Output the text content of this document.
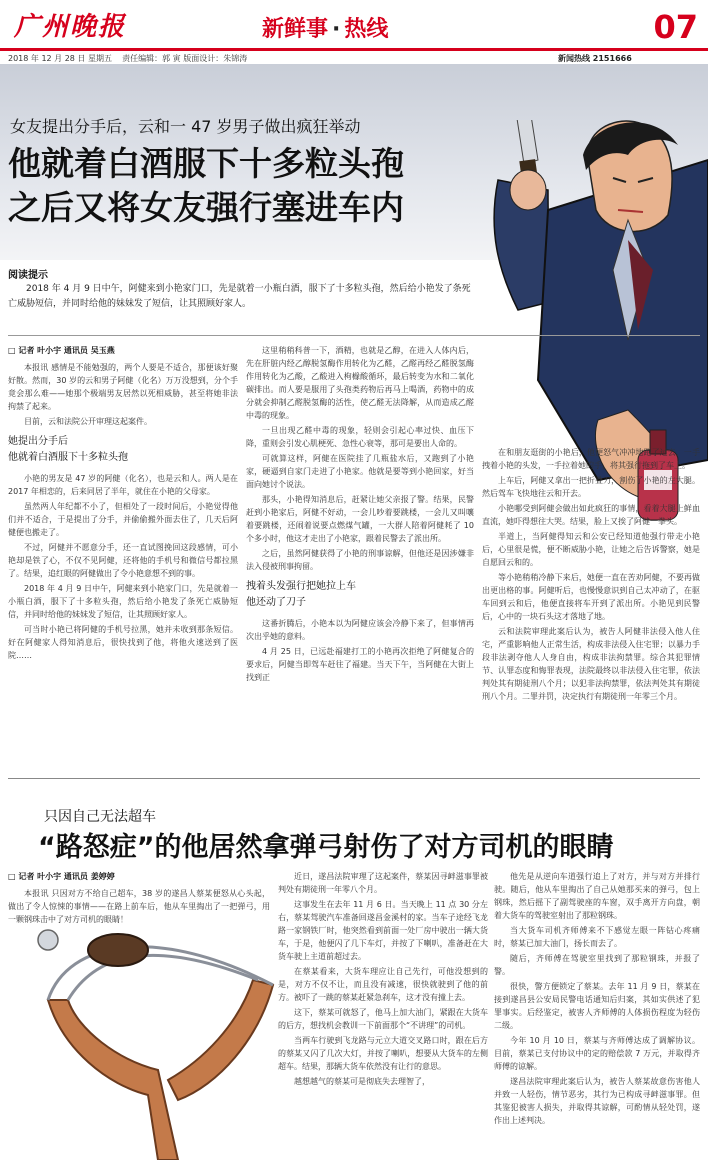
广州晚报	新鲜事 · 热线	07
2018 年 12 月 28 日 星期五 责任编辑：郭 寅 版面设计：朱锦涛	新闻热线 2151666
女友提出分手后，云和一 47 岁男子做出疯狂举动
他就着白酒服下十多粒头孢
之后又将女友强行塞进车内
阅读提示
2018 年 4 月 9 日中午，阿健来到小艳家门口，先是就着一小瓶白酒，服下了十多粒头孢，然后给小艳发了条死亡威胁短信，并同时给他的妹妹发了短信，让其照顾好家人。
□ 记者 叶小宇 通讯员 吴玉燕

本报讯 感情是不能勉强的，两个人要是不适合，那便该好聚好散。然而，30 岁的云和男子阿健（化名）万万没想到，分个手竟会那么难——她那个极端男友居然以死相威胁，甚至将她非法拘禁了起来。

目前，云和法院公开审理这起案件。

她提出分手后
他就着白酒服下十多粒头孢

小艳的男友是 47 岁的阿健（化名），也是云和人。两人是在 2017 年相恋的，后来同居了半年，就住在小艳的父母家。

虽然两人年纪都不小了，但相处了一段时间后，小艳觉得他们并不适合，于是提出了分手，并偷偷搬外面去住了，几天后阿健便也搬走了。

不过，阿健并不愿意分手，还一直试图挽回这段感情，可小艳却是铁了心，不仅不见阿健，还将他的手机号和微信号都拉黑了。结果，追红眼的阿健做出了令小艳意想不到的事。

2018 年 4 月 9 日中午，阿健来到小艳家门口，先是就着一小瓶白酒，服下了十多粒头孢，然后给小艳发了条死亡威胁短信，并同时给他的妹妹发了短信，让其照顾好家人。

可当时小艳已将阿健的手机号拉黑，她并未收到那条短信。好在阿健家人得知消息后，很快找到了他，将他火速送到了医院……

这里稍稍科普一下，酒精，也就是乙醇，在进入人体内后，先在肝脏内经乙醇脱氢酶作用转化为乙醛，乙醛再经乙醛脱氢酶作用转化为乙酸，乙酸进入枸橼酸循环，最后转变为水和二氧化碳排出。而人要是服用了头孢类药物后再马上喝酒，药物中的成分就会抑制乙醛脱氢酶的活性，使乙醛无法降解，从而造成乙醛中毒的现象。

一旦出现乙醛中毒的现象，轻则会引起心率过快、血压下降，重则会引发心肌梗死、急性心衰等，那可是要出人命的。

可就算这样，阿健在医院挂了几瓶盐水后，又跑到了小艳家，硬逼到自家门走进了小艳家。他就是要等到小艳回家，好当面向她讨个说法。

那头，小艳得知消息后，赶紧让她父亲报了警。结果，民警赶到小艳家后，阿健不好动，一会儿吵着要跳楼，一会儿又叫嚷着要跳楼，还闹着说要点燃煤气罐，一大群人陪着阿健耗了 10 个多小时，他这才走出了小艳家，跟着民警去了派出所。

之后，虽然阿健获得了小艳的刑事谅解，但他还是因涉嫌非法入侵被刑事拘留。

拽着头发强行把她拉上车
他还动了刀子

这番折腾后，小艳本以为阿健应该会冷静下来了，但事情再次出乎她的意料。

4 月 25 日，已远赴福建打工的小艳再次拒绝了阿健复合的要求后，阿健当即驾车赶往了福建。当天下午，当阿健在大街上找到正

在和朋友逛街的小艳后，他便怒气冲冲地跑了过去，一手拽着小艳的头发，一手拉着她的手，将其强行拖到了车上。

上车后，阿健又拿出一把折叠刀，割伤了小艳的左大腿。然后驾车飞快地往云和开去。

小艳哪受到阿健会做出如此疯狂的事情，看着大腿上鲜血直流，她吓得想往大哭。结果，脸上又挨了阿健一拳头。

半道上，当阿健得知云和公安已经知道他强行带走小艳后，心里很是慌，便不断威胁小艳，让她之后告诉警察，她是自愿回云和的。

等小艳稍稍冷静下来后，她便一直在苦劝阿健，不要再做出更出格的事。阿健听后，也慢慢意识到自己太冲动了，在驱车回到云和后，他便直接将车开到了派出所。小艳见到民警后，心中的一块石头这才落地了地。

云和法院审理此案后认为，被告人阿健非法侵入他人住宅，严重影响他人正常生活，构成非法侵入住宅罪；以暴力手段非法剥夺他人人身自由，构成非法拘禁罪。综合其犯罪情节、认罪态度和悔罪表现，法院最终以非法侵入住宅罪，依法判处其有期徒刑八个月；以犯非法拘禁罪，依法判处其有期徒刑八个月。二罪并罚，决定执行有期徒刑一年零三个月。

只因自己无法超车
“路怒症”的他居然拿弹弓射伤了对方司机的眼睛
□ 记者 叶小宇 通讯员 姜婷婷

本报讯 只因对方不给自己超车，38 岁的遂昌人蔡某便怒从心头起，做出了令人惊悚的事情——在路上前车后，他从车里掏出了一把弹弓，用一颗钢珠击中了对方司机的眼睛！

近日，遂昌法院审理了这起案件，蔡某因寻衅滋事罪被判处有期徒刑一年零八个月。

这事发生在去年 11 月 6 日。当天晚上 11 点 30 分左右，蔡某驾驶汽车准备回遂昌金溪村的家。当车子途经飞龙路一家钢铁厂时，他突然看到前面一处厂房中驶出一辆大货车，于是，他便闪了几下车灯，并按了下喇叭，准备赶在大货车驶上主道前超过去。

在蔡某看来，大货车理应让自己先行，可他没想到的是，对方不仅不让，而且没有减速，很快就驶到了他的前方。被吓了一跳的蔡某赶紧急刹车，这才没有撞上去。

这下，蔡某可就怒了，他马上加大油门，紧跟在大货车的后方，想找机会教训一下前面那个“不讲理”的司机。

当两车行驶到飞龙路与元立大道交叉路口时，跟在后方的蔡某又闪了几次大灯，并按了喇叭，想要从大货车的左侧超车。结果，那辆大货车依然没有让行的意思。

越想越气的蔡某可是彻底失去理智了，

他先是从逆向车道强行追上了对方，并与对方并排行驶。随后，他从车里掏出了自己从她那买来的弹弓，包上钢珠，然后摇下了副驾驶座的车窗，双手离开方向盘，朝着大货车的驾驶室射出了那粒钢珠。

当大货车司机齐师傅来不下感觉左眼一阵钻心疼痛时，蔡某已加大油门，扬长而去了。

随后，齐师傅在驾驶室里找到了那粒钢珠，并报了警。

很快，警方便锁定了蔡某。去年 11 月 9 日，蔡某在接到遂昌县公安局民警电话通知后归案，其如实供述了犯罪事实。后经鉴定，被害人齐师傅的人体损伤程度为轻伤二级。

今年 10 月 10 日，蔡某与齐师傅达成了调解协议。目前，蔡某已支付协议中的定的赔偿款 7 万元，并取得齐师傅的谅解。

遂昌法院审理此案后认为，被告人蔡某故意伤害他人并致一人轻伤，情节恶劣，其行为已构成寻衅滋事罪。但其鉴犯被害人损失，并取得其谅解，可酌情从轻处罚，遂作出上述判决。
